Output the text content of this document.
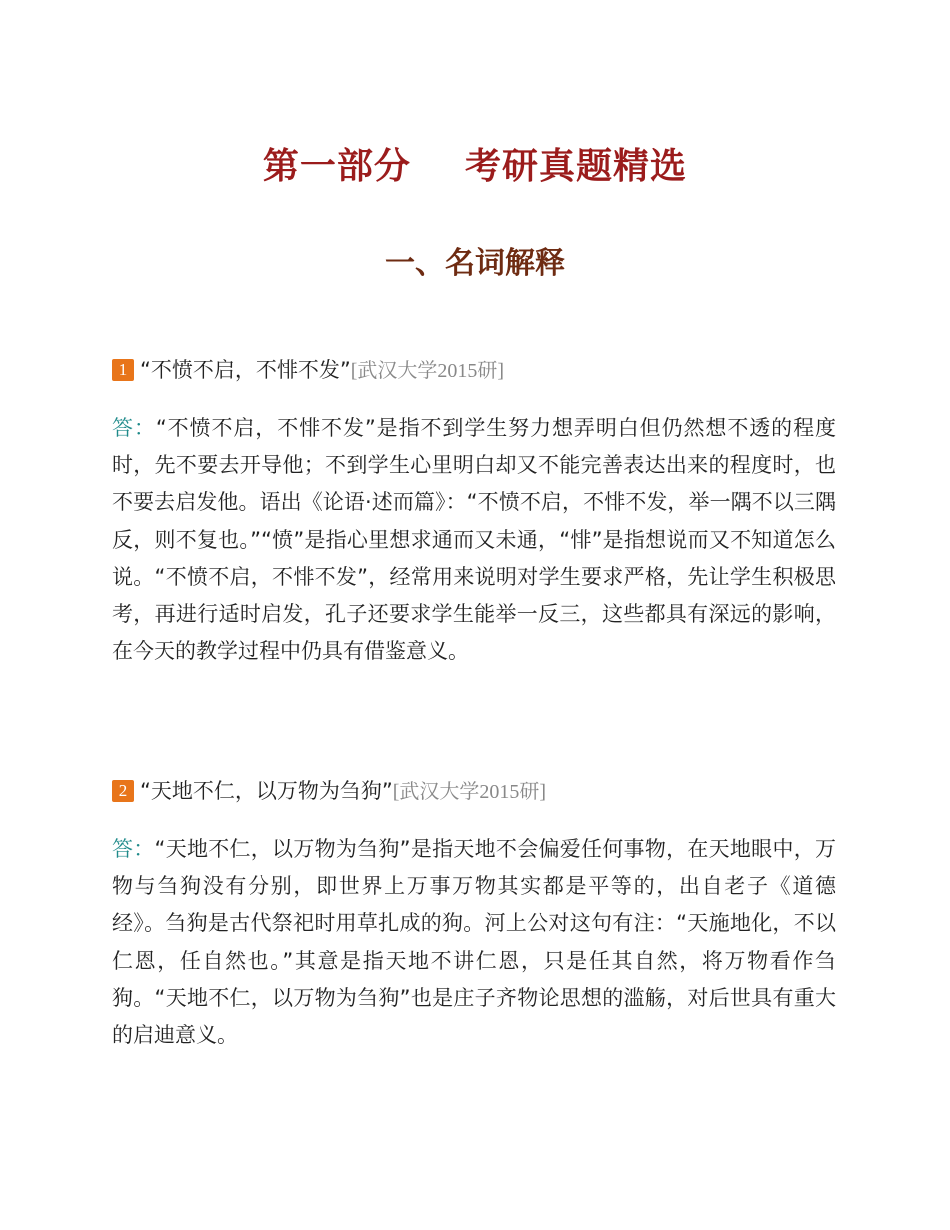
第一部分    考研真题精选
一、名词解释
1 “不愤不启，不悱不发”[武汉大学2015研]

答：“不愤不启，不悱不发”是指不到学生努力想弄明白但仍然想不透的程度时，先不要去开导他；不到学生心里明白却又不能完善表达出来的程度时，也不要去启发他。语出《论语·述而篇》：“不愤不启，不悱不发，举一隅不以三隅反，则不复也。”“愤”是指心里想求通而又未通，“悱”是指想说而又不知道怎么说。“不愤不启，不悱不发”，经常用来说明对学生要求严格，先让学生积极思考，再进行适时启发，孔子还要求学生能举一反三，这些都具有深远的影响，在今天的教学过程中仍具有借鉴意义。

2 “天地不仁，以万物为刍狗”[武汉大学2015研]

答：“天地不仁，以万物为刍狗”是指天地不会偏爱任何事物，在天地眼中，万物与刍狗没有分别，即世界上万事万物其实都是平等的，出自老子《道德经》。刍狗是古代祭祀时用草扎成的狗。河上公对这句有注：“天施地化，不以仁恩，任自然也。”其意是指天地不讲仁恩，只是任其自然，将万物看作刍狗。“天地不仁，以万物为刍狗”也是庄子齐物论思想的滥觞，对后世具有重大的启迪意义。
